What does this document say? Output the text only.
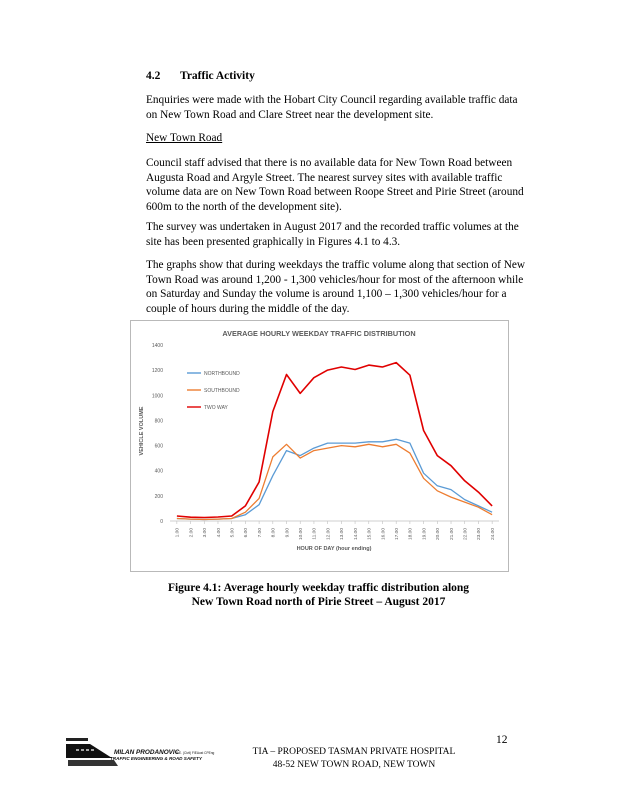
4.2 Traffic Activity
Enquiries were made with the Hobart City Council regarding available traffic data on New Town Road and Clare Street near the development site.
New Town Road
Council staff advised that there is no available data for New Town Road between Augusta Road and Argyle Street. The nearest survey sites with available traffic volume data are on New Town Road between Roope Street and Pirie Street (around 600m to the north of the development site).
The survey was undertaken in August 2017 and the recorded traffic volumes at the site has been presented graphically in Figures 4.1 to 4.3.
The graphs show that during weekdays the traffic volume along that section of New Town Road was around 1,200 - 1,300 vehicles/hour for most of the afternoon while on Saturday and Sunday the volume is around 1,100 – 1,300 vehicles/hour for a couple of hours during the middle of the day.
AVERAGE HOURLY WEEKDAY TRAFFIC DISTRIBUTION
0
200
400
600
800
1000
1200
1400
1.00 2.00 3.00 4.00 5.00 6.00 7.00 8.00 9.00 10.00 11.00 12.00 13.00 14.00 15.00 16.00 17.00 18.00 19.00 20.00 21.00 22.00 23.00 24.00
VEHICLE VOLUME
HOUR OF DAY (hour ending)
NORTHBOUND
SOUTHBOUND
TWO WAY
Figure 4.1: Average hourly weekday traffic distribution along
New Town Road north of Pirie Street – August 2017
12
MILAN PRODANOVIC
B.E. (Civil) FIEAust CPEng
TRAFFIC ENGINEERING & ROAD SAFETY
TIA – PROPOSED TASMAN PRIVATE HOSPITAL
48-52 NEW TOWN ROAD, NEW TOWN
